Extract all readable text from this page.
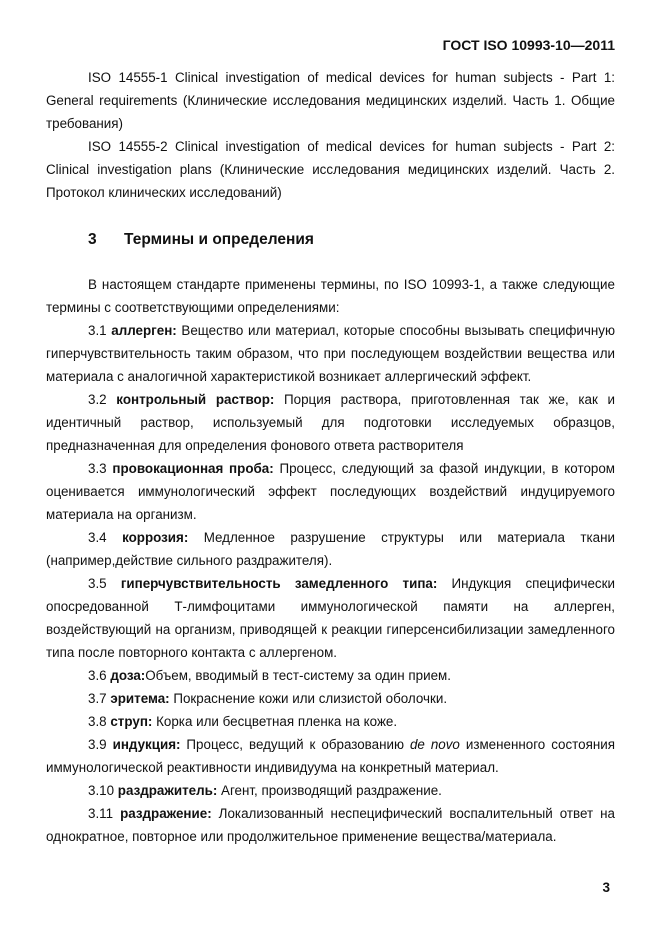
ГОСТ ISO 10993-10—2011

ISO 14555-1 Clinical investigation of medical devices for human subjects - Part 1: General requirements (Клинические исследования медицинских изделий. Часть 1. Общие требования)

ISO 14555-2 Clinical investigation of medical devices for human subjects - Part 2: Clinical investigation plans (Клинические исследования медицинских изделий. Часть 2. Протокол клинических исследований)

3	Термины и определения

В настоящем стандарте применены термины, по ISO 10993-1, а также следующие термины с соответствующими определениями:

3.1 аллерген: Вещество или материал, которые способны вызывать специфичную гиперчувствительность таким образом, что при последующем воздействии вещества или материала с аналогичной характеристикой возникает аллергический эффект.

3.2 контрольный раствор: Порция раствора, приготовленная так же, как и идентичный раствор, используемый для подготовки исследуемых образцов, предназначенная для определения фонового ответа растворителя

3.3 провокационная проба: Процесс, следующий за фазой индукции, в котором оценивается иммунологический эффект последующих воздействий индуцируемого материала на организм.

3.4 коррозия: Медленное разрушение структуры или материала ткани (например,действие сильного раздражителя).

3.5 гиперчувствительность замедленного типа: Индукция специфически опосредованной Т-лимфоцитами иммунологической памяти на аллерген, воздействующий на организм, приводящей к реакции гиперсенсибилизации замедленного типа после повторного контакта с аллергеном.

3.6 доза:Объем, вводимый в тест-систему за один прием.

3.7 эритема: Покраснение кожи или слизистой оболочки.

3.8 струп: Корка или бесцветная пленка на коже.

3.9 индукция: Процесс, ведущий к образованию de novo измененного состояния иммунологической реактивности индивидуума на конкретный материал.

3.10 раздражитель: Агент, производящий раздражение.

3.11 раздражение: Локализованный неспецифический воспалительный ответ на однократное, повторное или продолжительное применение вещества/материала.

3
